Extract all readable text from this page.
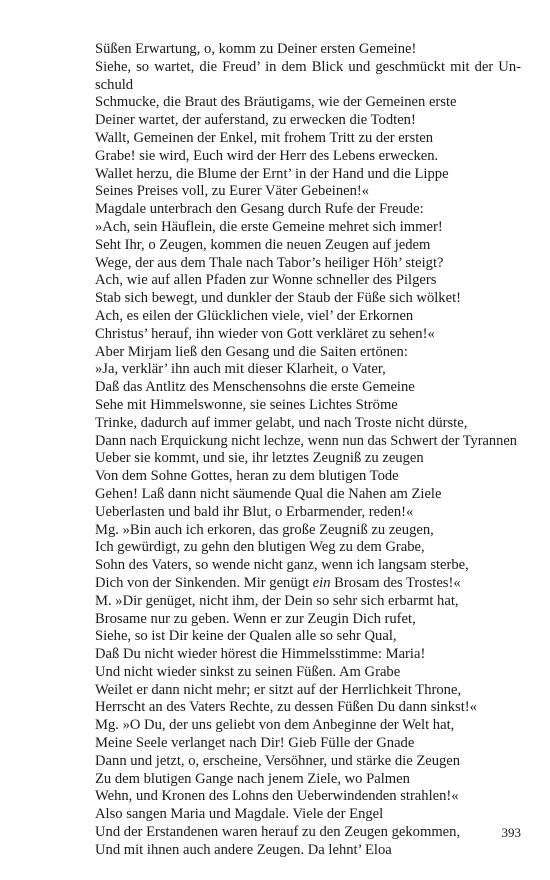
Süßen Erwartung, o, komm zu Deiner ersten Gemeine!
Siehe, so wartet, die Freud’ in dem Blick und geschmückt mit der Un-
schuld
Schmucke, die Braut des Bräutigams, wie der Gemeinen erste
Deiner wartet, der auferstand, zu erwecken die Todten!
Wallt, Gemeinen der Enkel, mit frohem Tritt zu der ersten
Grabe! sie wird, Euch wird der Herr des Lebens erwecken.
Wallet herzu, die Blume der Ernt’ in der Hand und die Lippe
Seines Preises voll, zu Eurer Väter Gebeinen!«
Magdale unterbrach den Gesang durch Rufe der Freude:
»Ach, sein Häuflein, die erste Gemeine mehret sich immer!
Seht Ihr, o Zeugen, kommen die neuen Zeugen auf jedem
Wege, der aus dem Thale nach Tabor’s heiliger Höh’ steigt?
Ach, wie auf allen Pfaden zur Wonne schneller des Pilgers
Stab sich bewegt, und dunkler der Staub der Füße sich wölket!
Ach, es eilen der Glücklichen viele, viel’ der Erkornen
Christus’ herauf, ihn wieder von Gott verkläret zu sehen!«
Aber Mirjam ließ den Gesang und die Saiten ertönen:
»Ja, verklär’ ihn auch mit dieser Klarheit, o Vater,
Daß das Antlitz des Menschensohns die erste Gemeine
Sehe mit Himmelswonne, sie seines Lichtes Ströme
Trinke, dadurch auf immer gelabt, und nach Troste nicht dürste,
Dann nach Erquickung nicht lechze, wenn nun das Schwert der Tyrannen
Ueber sie kommt, und sie, ihr letztes Zeugniß zu zeugen
Von dem Sohne Gottes, heran zu dem blutigen Tode
Gehen! Laß dann nicht säumende Qual die Nahen am Ziele
Ueberlasten und bald ihr Blut, o Erbarmender, reden!«
Mg. »Bin auch ich erkoren, das große Zeugniß zu zeugen,
Ich gewürdigt, zu gehn den blutigen Weg zu dem Grabe,
Sohn des Vaters, so wende nicht ganz, wenn ich langsam sterbe,
Dich von der Sinkenden. Mir genügt ein Brosam des Trostes!«
M. »Dir genüget, nicht ihm, der Dein so sehr sich erbarmt hat,
Brosame nur zu geben. Wenn er zur Zeugin Dich rufet,
Siehe, so ist Dir keine der Qualen alle so sehr Qual,
Daß Du nicht wieder hörest die Himmelsstimme: Maria!
Und nicht wieder sinkst zu seinen Füßen. Am Grabe
Weilet er dann nicht mehr; er sitzt auf der Herrlichkeit Throne,
Herrscht an des Vaters Rechte, zu dessen Füßen Du dann sinkst!«
Mg. »O Du, der uns geliebt von dem Anbeginne der Welt hat,
Meine Seele verlanget nach Dir! Gieb Fülle der Gnade
Dann und jetzt, o, erscheine, Versöhner, und stärke die Zeugen
Zu dem blutigen Gange nach jenem Ziele, wo Palmen
Wehn, und Kronen des Lohns den Ueberwindenden strahlen!«
Also sangen Maria und Magdale. Viele der Engel
Und der Erstandenen waren herauf zu den Zeugen gekommen,
Und mit ihnen auch andere Zeugen. Da lehnt’ Eloa
393
